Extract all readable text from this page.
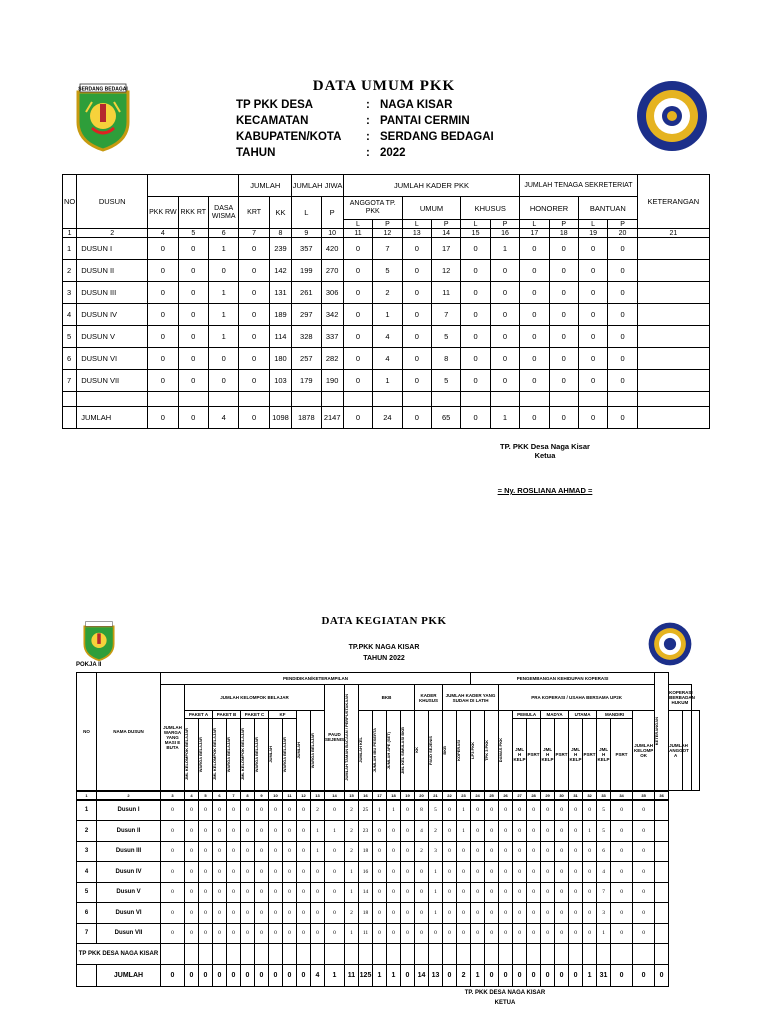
SERDANG BEDAGAI	DATA UMUM PKK
TP PKK DESA	: NAGA KISAR
KECAMATAN	: PANTAI CERMIN
KABUPATEN/KOTA : SERDANG BEDAGAI
TAHUN	: 2022
NO	DUSUN				JUMLAH		JUMLAH JIWA		JUMLAH KADER PKK						JUMLAH TENAGA SEKRETERIAT				KETERANGAN
		PKK RW	RKK RT	DASA WISMA	KRT	KK	L	P	ANGGOTA TP. PKK		UMUM		KHUSUS		HONORER		BANTUAN		
									L	P	L	P	L	P	L	P	L	P	
1	2	4	5	6	7	8	9	10	11	12	13	14	15	16	17	18	19	20	21
1	DUSUN I	0	0	1	0	239	357	420	0	7	0	17	0	1	0	0	0	0	
2	DUSUN II	0	0	0	0	142	199	270	0	5	0	12	0	0	0	0	0	0	
3	DUSUN III	0	0	1	0	131	261	306	0	2	0	11	0	0	0	0	0	0	
4	DUSUN IV	0	0	1	0	189	297	342	0	1	0	7	0	0	0	0	0	0	
5	DUSUN V	0	0	1	0	114	328	337	0	4	0	5	0	0	0	0	0	0	
6	DUSUN VI	0	0	0	0	180	257	282	0	4	0	8	0	0	0	0	0	0	
7	DUSUN VII	0	0	0	0	103	179	190	0	1	0	5	0	0	0	0	0	0	

	JUMLAH	0	0	4	0	1098	1878	2147	0	24	0	65	0	1	0	0	0	0	
TP. PKK Desa Naga Kisar
Ketua
= Ny. ROSLIANA AHMAD =
POKJA II
DATA KEGIATAN PKK
TP.PKK NAGA KISAR
TAHUN 2022
NO	NAMA DUSUN	PENDIDIKAN/KETERAMPILAN																					PENGEMBANGAN KEHIDUPAN KOPERASI												KETERANGAN			

		JUMLAH WARGA YANG MASI E BUTA	JUMLAH KELOMPOK BELAJAR										PAUD SEJENIS	JUMLAH TAMAN BACAAN / PERPUSTAKAAN	BKB				KADER KHUSUS		JUMLAH KADER YANG SUDAH DI LATIH				PRA KOPERASI / USAHA BERSAMA UP2K											KOPERASI BERBADAN HUKUM		
			PAKET A		PAKET B		PAKET C		KF		JUMLAH	WARGA BELAJAR			JUMLAH KEL	JUMLAH IBU PESERTA	JUMLAH APE (SET)	JML KEL SIMULASI BKB	KK	PAUD SEJENIS	BKB	KOPERASI	LP3 PKK	TPK 3 PKK	DAMAS PKK	PEMULA		MADYA		UTAMA		MANDIRI		JUMLAH KELOMP OK		JUMLAH ANGGOT A		

			JML KELOMPOK BELAJAR	WARGA BELAJAR	JML KELOMPOK BELAJAR	WARGA BELAJAR	JML KELOMPOK BELAJAR	WARGA BELAJAR	JUMLAH	WARGA BELAJAR																JML H KELP	PSRT	JML H KELP	PSRT	JML H KELP	PSRT	JML H KELP	PSRT					
1	2	3	4	5	6	7	8	9	10	11	12	13	14	15	16	17	18	19	20	21	22	23	24	25	26	27	28	29	30	31	32	33	34	35	36			
1	Dusun I	0	0	0	0	0	0	0	0	0	0	2	0	2	25	1	1	0	8	5	0	1	0	0	0	0	0	0	0	0	0	5	0	0				
2	Dusun II	0	0	0	0	0	0	0	0	0	0	1	1	2	23	0	0	0	4	2	0	1	0	0	0	0	0	0	0	0	1	5	0	0				
3	Dusun III	0	0	0	0	0	0	0	0	0	0	1	0	2	18	0	0	0	2	3	0	0	0	0	0	0	0	0	0	0	0	6	0	0				
4	Dusun IV	0	0	0	0	0	0	0	0	0	0	0	0	1	16	0	0	0	0	1	0	0	0	0	0	0	0	0	0	0	0	4	0	0				
5	Dusun V	0	0	0	0	0	0	0	0	0	0	0	0	1	14	0	0	0	0	1	0	0	0	0	0	0	0	0	0	0	0	7	0	0				
6	Dusun VI	0	0	0	0	0	0	0	0	0	0	0	0	2	18	0	0	0	0	1	0	0	0	0	0	0	0	0	0	0	0	3	0	0				
7	Dusun VII	0	0	0	0	0	0	0	0	0	0	0	0	1	11	0	0	0	0	0	0	0	0	0	0	0	0	0	0	0	0	1	0	0				
TP PKK DESA NAGA KISAR																																						
	JUMLAH	0	0	0	0	0	0	0	0	0	0	4	1	11	125	1	1	0	14	13	0	2	1	0	0	0	0	0	0	0	1	31	0	0	0			
TP. PKK DESA NAGA KISAR
KETUA
